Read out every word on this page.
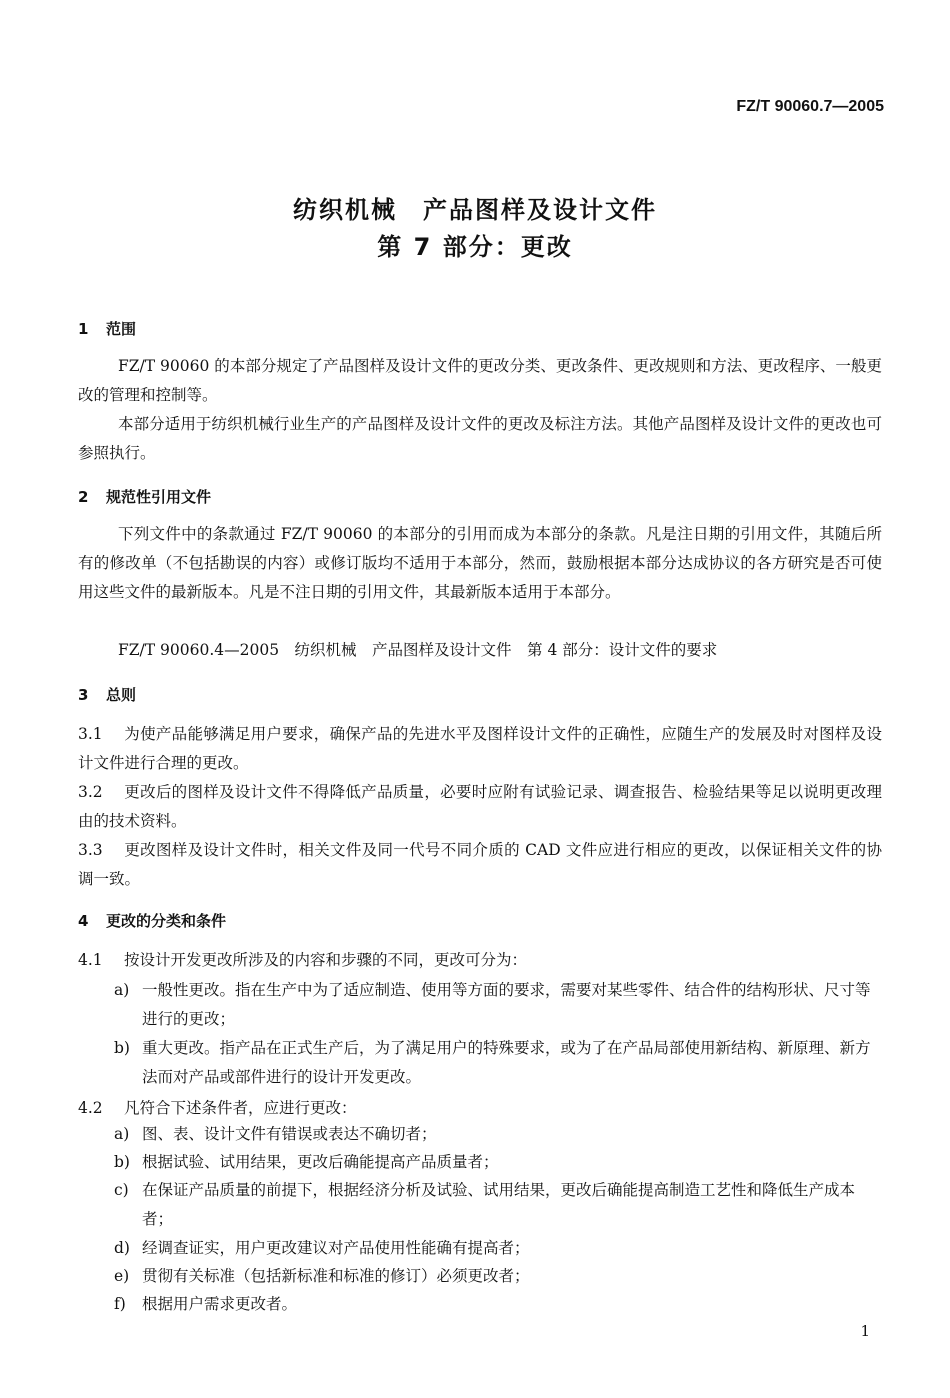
FZ/T 90060.7—2005
纺织机械　产品图样及设计文件
第 7 部分：更改
1 范围
FZ/T 90060 的本部分规定了产品图样及设计文件的更改分类、更改条件、更改规则和方法、更改程序、一般更改的管理和控制等。
本部分适用于纺织机械行业生产的产品图样及设计文件的更改及标注方法。其他产品图样及设计文件的更改也可参照执行。
2 规范性引用文件
下列文件中的条款通过 FZ/T 90060 的本部分的引用而成为本部分的条款。凡是注日期的引用文件，其随后所有的修改单（不包括勘误的内容）或修订版均不适用于本部分，然而，鼓励根据本部分达成协议的各方研究是否可使用这些文件的最新版本。凡是不注日期的引用文件，其最新版本适用于本部分。
FZ/T 90060.4—2005　纺织机械　产品图样及设计文件　第 4 部分：设计文件的要求
3 总则
3.1 为使产品能够满足用户要求，确保产品的先进水平及图样设计文件的正确性，应随生产的发展及时对图样及设计文件进行合理的更改。
3.2 更改后的图样及设计文件不得降低产品质量，必要时应附有试验记录、调查报告、检验结果等足以说明更改理由的技术资料。
3.3 更改图样及设计文件时，相关文件及同一代号不同介质的 CAD 文件应进行相应的更改，以保证相关文件的协调一致。
4 更改的分类和条件
4.1 按设计开发更改所涉及的内容和步骤的不同，更改可分为：
a) 一般性更改。指在生产中为了适应制造、使用等方面的要求，需要对某些零件、结合件的结构形状、尺寸等进行的更改；
b) 重大更改。指产品在正式生产后，为了满足用户的特殊要求，或为了在产品局部使用新结构、新原理、新方法而对产品或部件进行的设计开发更改。
4.2 凡符合下述条件者，应进行更改：
a) 图、表、设计文件有错误或表达不确切者；
b) 根据试验、试用结果，更改后确能提高产品质量者；
c) 在保证产品质量的前提下，根据经济分析及试验、试用结果，更改后确能提高制造工艺性和降低生产成本者；
d) 经调查证实，用户更改建议对产品使用性能确有提高者；
e) 贯彻有关标准（包括新标准和标准的修订）必须更改者；
f) 根据用户需求更改者。
1
